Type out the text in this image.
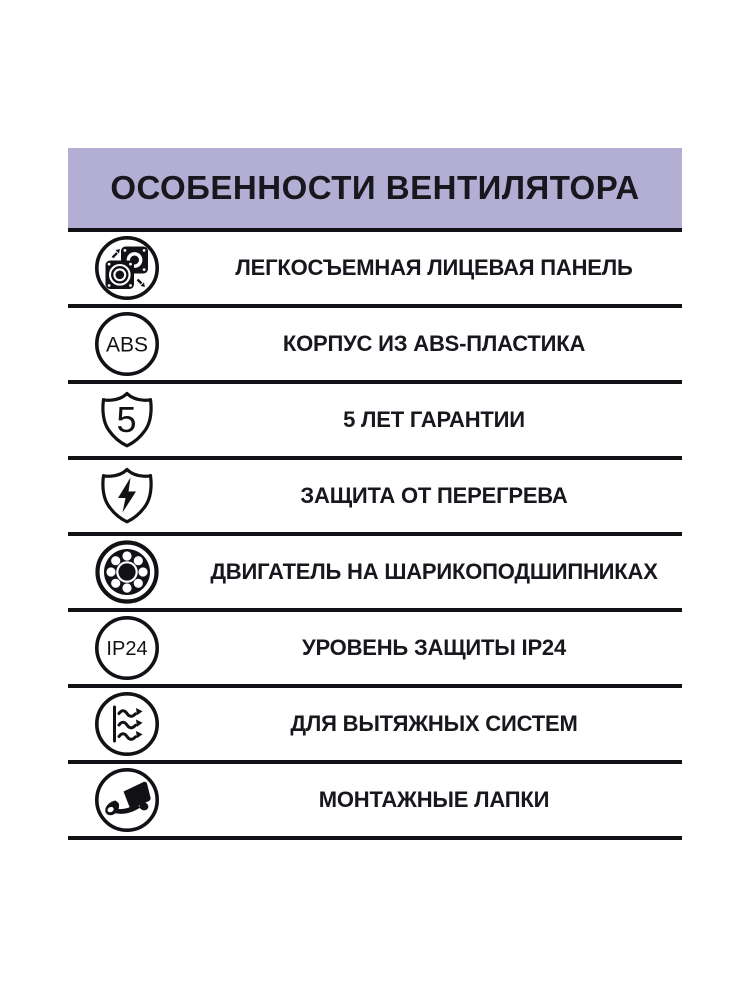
ОСОБЕННОСТИ ВЕНТИЛЯТОРА
ЛЕГКОСЪЕМНАЯ ЛИЦЕВАЯ ПАНЕЛЬ
ABS	КОРПУС ИЗ ABS-ПЛАСТИКА
5	5 ЛЕТ ГАРАНТИИ
ЗАЩИТА ОТ ПЕРЕГРЕВА
ДВИГАТЕЛЬ НА ШАРИКОПОДШИПНИКАХ
IP24	УРОВЕНЬ ЗАЩИТЫ IP24
ДЛЯ ВЫТЯЖНЫХ СИСТЕМ
МОНТАЖНЫЕ ЛАПКИ
